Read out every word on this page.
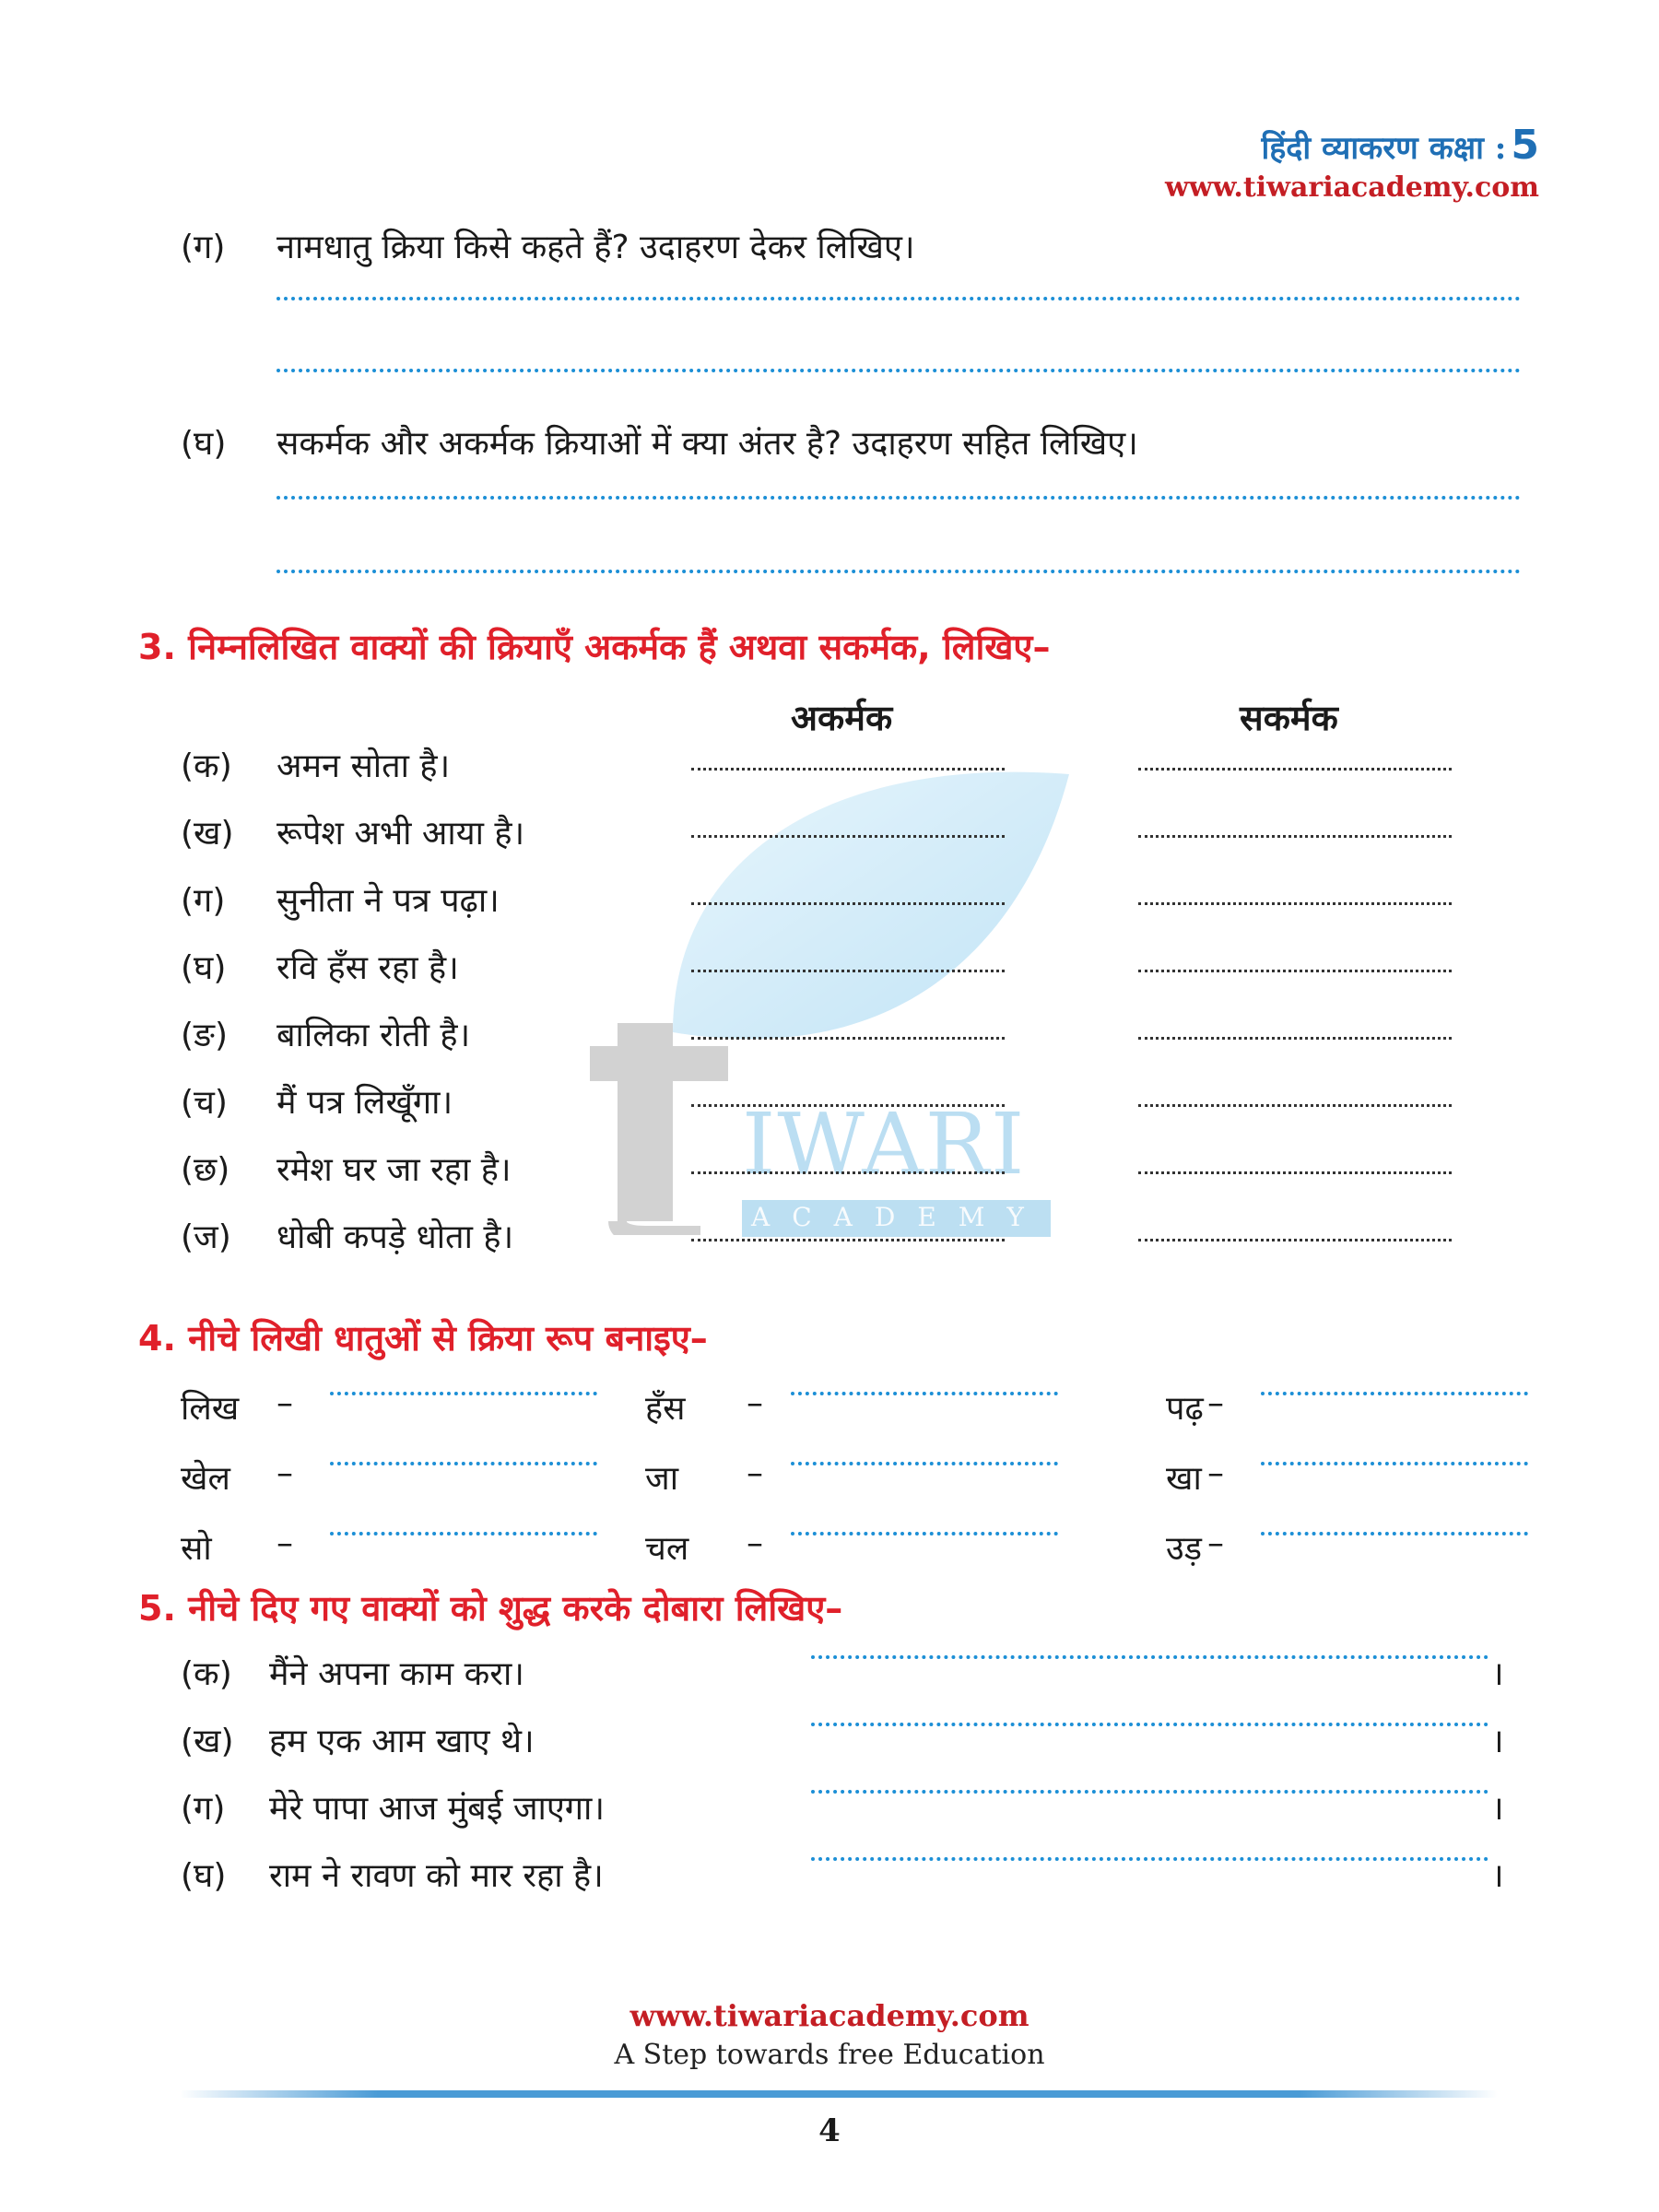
IWARI
ACADEMY
हिंदी व्याकरण कक्षा : 5
www.tiwariacademy.com
(ग) नामधातु क्रिया किसे कहते हैं? उदाहरण देकर लिखिए।
(घ) सकर्मक और अकर्मक क्रियाओं में क्या अंतर है? उदाहरण सहित लिखिए।
3. निम्नलिखित वाक्यों की क्रियाएँ अकर्मक हैं अथवा सकर्मक, लिखिए–
अकर्मक	सकर्मक
(क) अमन सोता है।
(ख) रूपेश अभी आया है।
(ग) सुनीता ने पत्र पढ़ा।
(घ) रवि हँस रहा है।
(ङ) बालिका रोती है।
(च) मैं पत्र लिखूँगा।
(छ) रमेश घर जा रहा है।
(ज) धोबी कपड़े धोता है।
4. नीचे लिखी धातुओं से क्रिया रूप बनाइए–
लिख –	हँस –	पढ़ –
खेल –	जा –	खा –
सो –	चल –	उड़ –
5. नीचे दिए गए वाक्यों को शुद्ध करके दोबारा लिखिए–
(क) मैंने अपना काम करा।	।
(ख) हम एक आम खाए थे।	।
(ग) मेरे पापा आज मुंबई जाएगा।	।
(घ) राम ने रावण को मार रहा है।	।
www.tiwariacademy.com
A Step towards free Education
4
